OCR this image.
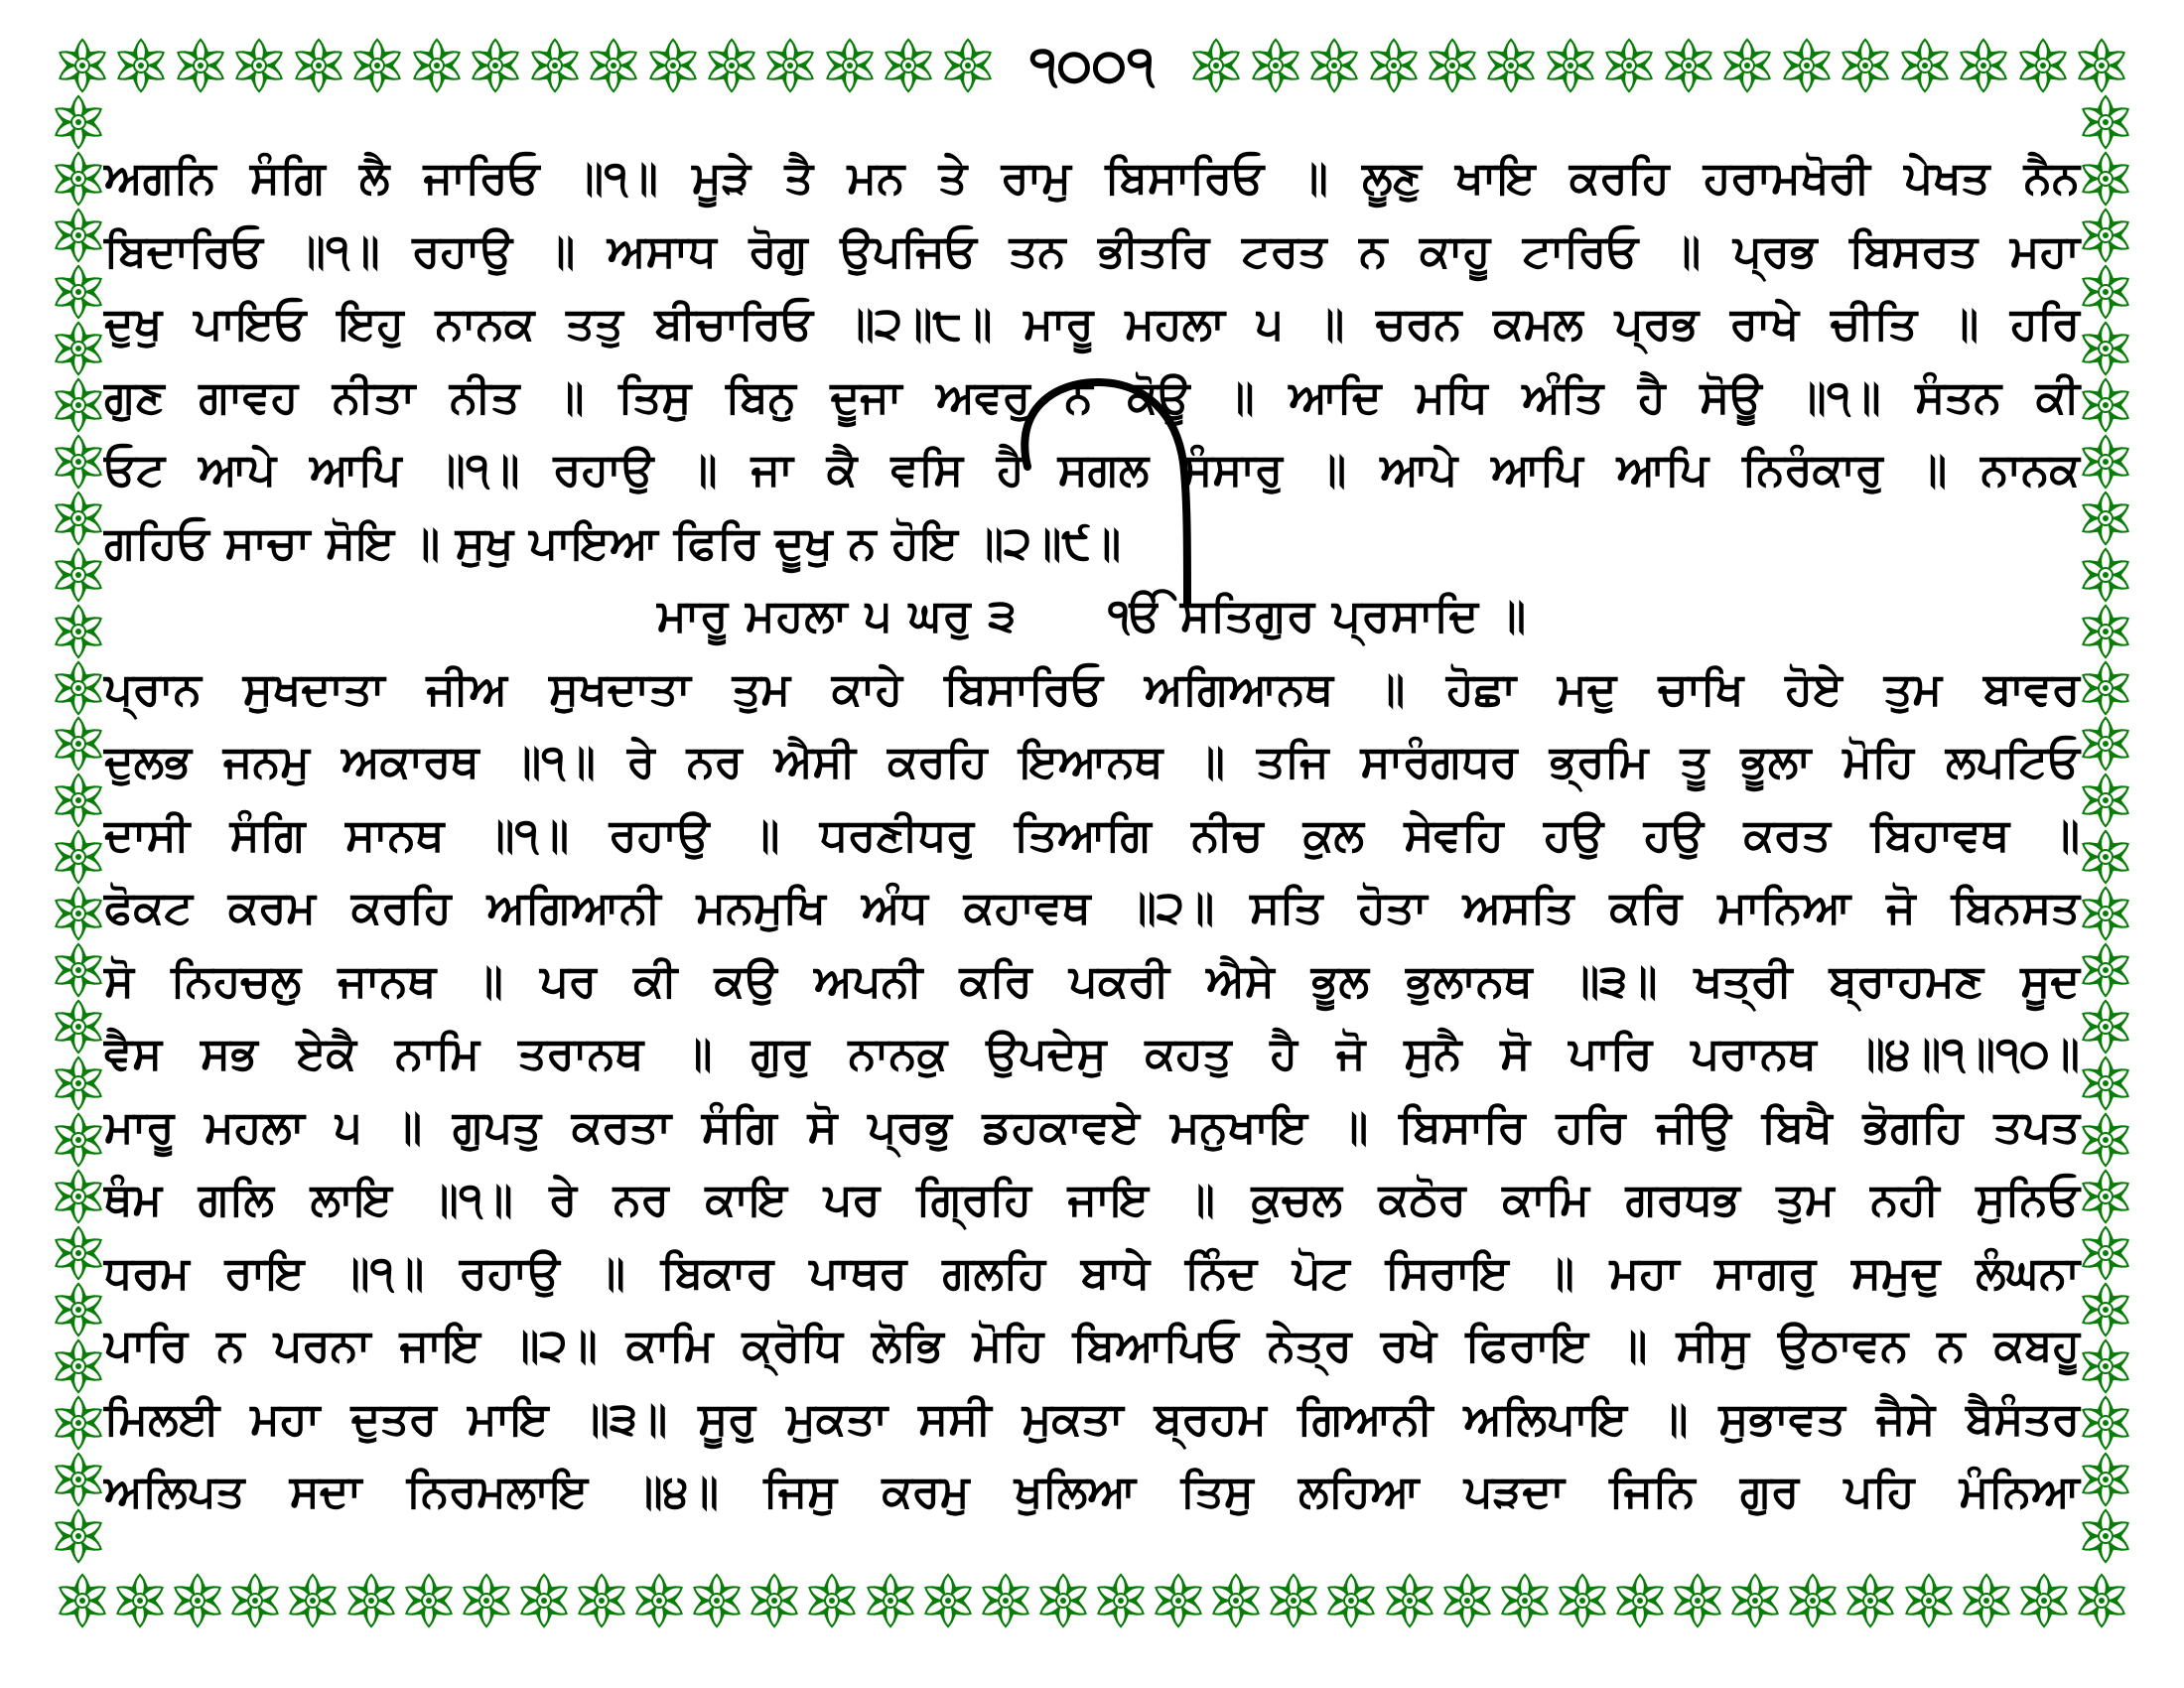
੧੦੦੧
ਅਗਨਿ ਸੰਗਿ ਲੈ ਜਾਰਿਓ ॥੧॥ ਮੂੜੇ ਤੈ ਮਨ ਤੇ ਰਾਮੁ ਬਿਸਾਰਿਓ ॥ ਲੂਣੁ ਖਾਇ ਕਰਹਿ ਹਰਾਮਖੋਰੀ ਪੇਖਤ ਨੈਨ
ਬਿਦਾਰਿਓ ॥੧॥ ਰਹਾਉ ॥ ਅਸਾਧ ਰੋਗੁ ਉਪਜਿਓ ਤਨ ਭੀਤਰਿ ਟਰਤ ਨ ਕਾਹੂ ਟਾਰਿਓ ॥ ਪ੍ਰਭ ਬਿਸਰਤ ਮਹਾ
ਦੁਖੁ ਪਾਇਓ ਇਹੁ ਨਾਨਕ ਤਤੁ ਬੀਚਾਰਿਓ ॥੨॥੮॥ ਮਾਰੂ ਮਹਲਾ ੫ ॥ ਚਰਨ ਕਮਲ ਪ੍ਰਭ ਰਾਖੇ ਚੀਤਿ ॥ ਹਰਿ
ਗੁਣ ਗਾਵਹ ਨੀਤਾ ਨੀਤ ॥ ਤਿਸੁ ਬਿਨੁ ਦੂਜਾ ਅਵਰੁ ਨ ਕੋਊ ॥ ਆਦਿ ਮਧਿ ਅੰਤਿ ਹੈ ਸੋਊ ॥੧॥ ਸੰਤਨ ਕੀ
ਓਟ ਆਪੇ ਆਪਿ ॥੧॥ ਰਹਾਉ ॥ ਜਾ ਕੈ ਵਸਿ ਹੈ ਸਗਲ ਸੰਸਾਰੁ ॥ ਆਪੇ ਆਪਿ ਆਪਿ ਨਿਰੰਕਾਰੁ ॥ ਨਾਨਕ
ਗਹਿਓ ਸਾਚਾ ਸੋਇ ॥ ਸੁਖੁ ਪਾਇਆ ਫਿਰਿ ਦੂਖੁ ਨ ਹੋਇ ॥੨॥੯॥
ਮਾਰੂ ਮਹਲਾ ੫ ਘਰੁ ੩  ੴ ਸਤਿਗੁਰ ਪ੍ਰਸਾਦਿ ॥
ਪ੍ਰਾਨ ਸੁਖਦਾਤਾ ਜੀਅ ਸੁਖਦਾਤਾ ਤੁਮ ਕਾਹੇ ਬਿਸਾਰਿਓ ਅਗਿਆਨਥ ॥ ਹੋਛਾ ਮਦੁ ਚਾਖਿ ਹੋਏ ਤੁਮ ਬਾਵਰ
ਦੁਲਭ ਜਨਮੁ ਅਕਾਰਥ ॥੧॥ ਰੇ ਨਰ ਐਸੀ ਕਰਹਿ ਇਆਨਥ ॥ ਤਜਿ ਸਾਰੰਗਧਰ ਭ੍ਰਮਿ ਤੂ ਭੂਲਾ ਮੋਹਿ ਲਪਟਿਓ
ਦਾਸੀ ਸੰਗਿ ਸਾਨਥ ॥੧॥ ਰਹਾਉ ॥ ਧਰਣੀਧਰੁ ਤਿਆਗਿ ਨੀਚ ਕੁਲ ਸੇਵਹਿ ਹਉ ਹਉ ਕਰਤ ਬਿਹਾਵਥ ॥
ਫੋਕਟ ਕਰਮ ਕਰਹਿ ਅਗਿਆਨੀ ਮਨਮੁਖਿ ਅੰਧ ਕਹਾਵਥ ॥੨॥ ਸਤਿ ਹੋਤਾ ਅਸਤਿ ਕਰਿ ਮਾਨਿਆ ਜੋ ਬਿਨਸਤ
ਸੋ ਨਿਹਚਲੁ ਜਾਨਥ ॥ ਪਰ ਕੀ ਕਉ ਅਪਨੀ ਕਰਿ ਪਕਰੀ ਐਸੇ ਭੂਲ ਭੁਲਾਨਥ ॥੩॥ ਖਤ੍ਰੀ ਬ੍ਰਾਹਮਣ ਸੂਦ
ਵੈਸ ਸਭ ਏਕੈ ਨਾਮਿ ਤਰਾਨਥ ॥ ਗੁਰੁ ਨਾਨਕੁ ਉਪਦੇਸੁ ਕਹਤੁ ਹੈ ਜੋ ਸੁਨੈ ਸੋ ਪਾਰਿ ਪਰਾਨਥ ॥੪॥੧॥੧੦॥
ਮਾਰੂ ਮਹਲਾ ੫ ॥ ਗੁਪਤੁ ਕਰਤਾ ਸੰਗਿ ਸੋ ਪ੍ਰਭੁ ਡਹਕਾਵਏ ਮਨੁਖਾਇ ॥ ਬਿਸਾਰਿ ਹਰਿ ਜੀਉ ਬਿਖੈ ਭੋਗਹਿ ਤਪਤ
ਥੰਮ ਗਲਿ ਲਾਇ ॥੧॥ ਰੇ ਨਰ ਕਾਇ ਪਰ ਗ੍ਰਿਹਿ ਜਾਇ ॥ ਕੁਚਲ ਕਠੋਰ ਕਾਮਿ ਗਰਧਭ ਤੁਮ ਨਹੀ ਸੁਨਿਓ
ਧਰਮ ਰਾਇ ॥੧॥ ਰਹਾਉ ॥ ਬਿਕਾਰ ਪਾਥਰ ਗਲਹਿ ਬਾਧੇ ਨਿੰਦ ਪੋਟ ਸਿਰਾਇ ॥ ਮਹਾ ਸਾਗਰੁ ਸਮੁਦੁ ਲੰਘਨਾ
ਪਾਰਿ ਨ ਪਰਨਾ ਜਾਇ ॥੨॥ ਕਾਮਿ ਕ੍ਰੋਧਿ ਲੋਭਿ ਮੋਹਿ ਬਿਆਪਿਓ ਨੇਤ੍ਰ ਰਖੇ ਫਿਰਾਇ ॥ ਸੀਸੁ ਉਠਾਵਨ ਨ ਕਬਹੂ
ਮਿਲਈ ਮਹਾ ਦੁਤਰ ਮਾਇ ॥੩॥ ਸੂਰੁ ਮੁਕਤਾ ਸਸੀ ਮੁਕਤਾ ਬ੍ਰਹਮ ਗਿਆਨੀ ਅਲਿਪਾਇ ॥ ਸੁਭਾਵਤ ਜੈਸੇ ਬੈਸੰਤਰ
ਅਲਿਪਤ ਸਦਾ ਨਿਰਮਲਾਇ ॥੪॥ ਜਿਸੁ ਕਰਮੁ ਖੁਲਿਆ ਤਿਸੁ ਲਹਿਆ ਪੜਦਾ ਜਿਨਿ ਗੁਰ ਪਹਿ ਮੰਨਿਆ
